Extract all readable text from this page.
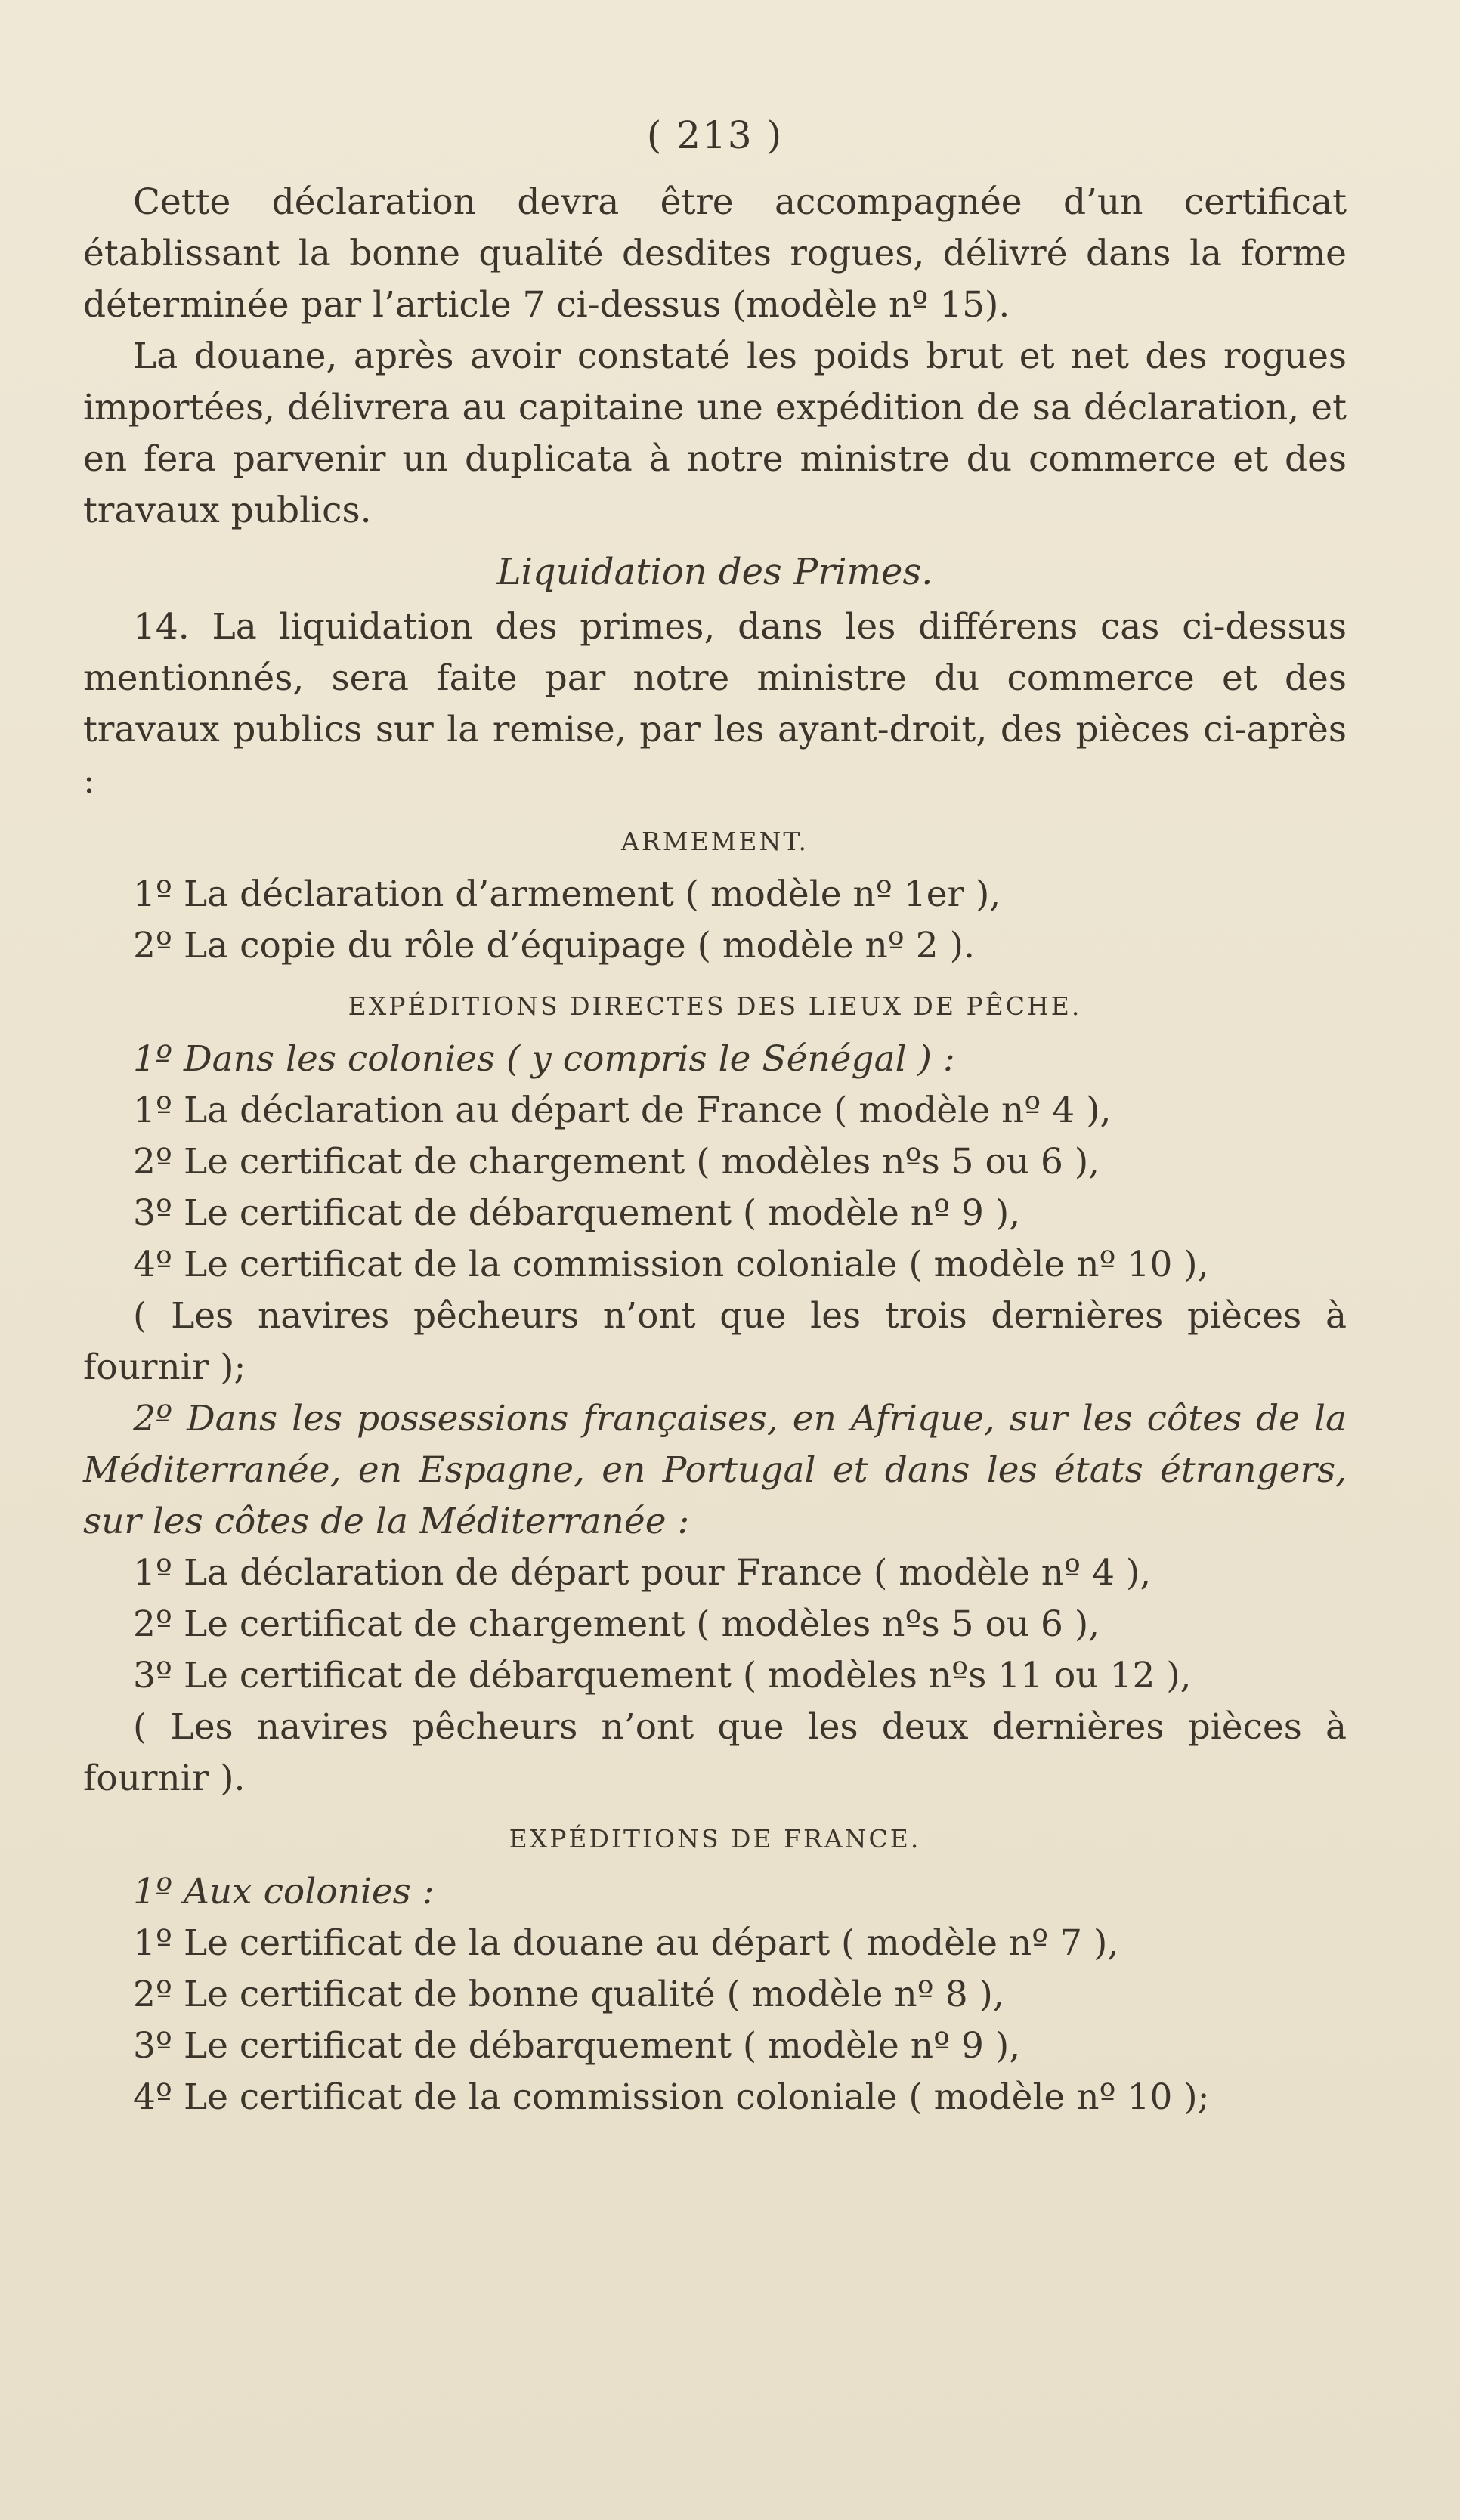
( 213 )

Cette déclaration devra être accompagnée d’un certificat établissant la bonne qualité desdites rogues, délivré dans la forme déterminée par l’article 7 ci-dessus (modèle nº 15).

La douane, après avoir constaté les poids brut et net des rogues importées, délivrera au capitaine une expédition de sa déclaration, et en fera parvenir un duplicata à notre ministre du commerce et des travaux publics.

Liquidation des Primes.

14. La liquidation des primes, dans les différens cas ci-dessus mentionnés, sera faite par notre ministre du commerce et des travaux publics sur la remise, par les ayant-droit, des pièces ci-après :

ARMEMENT.

1º La déclaration d’armement ( modèle nº 1er ),

2º La copie du rôle d’équipage ( modèle nº 2 ).

EXPÉDITIONS DIRECTES DES LIEUX DE PÊCHE.

1º Dans les colonies ( y compris le Sénégal ) :

1º La déclaration au départ de France ( modèle nº 4 ),

2º Le certificat de chargement ( modèles nºs 5 ou 6 ),

3º Le certificat de débarquement ( modèle nº 9 ),

4º Le certificat de la commission coloniale ( modèle nº 10 ),

( Les navires pêcheurs n’ont que les trois dernières pièces à fournir );

2º Dans les possessions françaises, en Afrique, sur les côtes de la Méditerranée, en Espagne, en Portugal et dans les états étrangers, sur les côtes de la Méditerranée :

1º La déclaration de départ pour France ( modèle nº 4 ),

2º Le certificat de chargement ( modèles nºs 5 ou 6 ),

3º Le certificat de débarquement ( modèles nºs 11 ou 12 ),

( Les navires pêcheurs n’ont que les deux dernières pièces à fournir ).

EXPÉDITIONS DE FRANCE.

1º Aux colonies :

1º Le certificat de la douane au départ ( modèle nº 7 ),

2º Le certificat de bonne qualité ( modèle nº 8 ),

3º Le certificat de débarquement ( modèle nº 9 ),

4º Le certificat de la commission coloniale ( modèle nº 10 );
